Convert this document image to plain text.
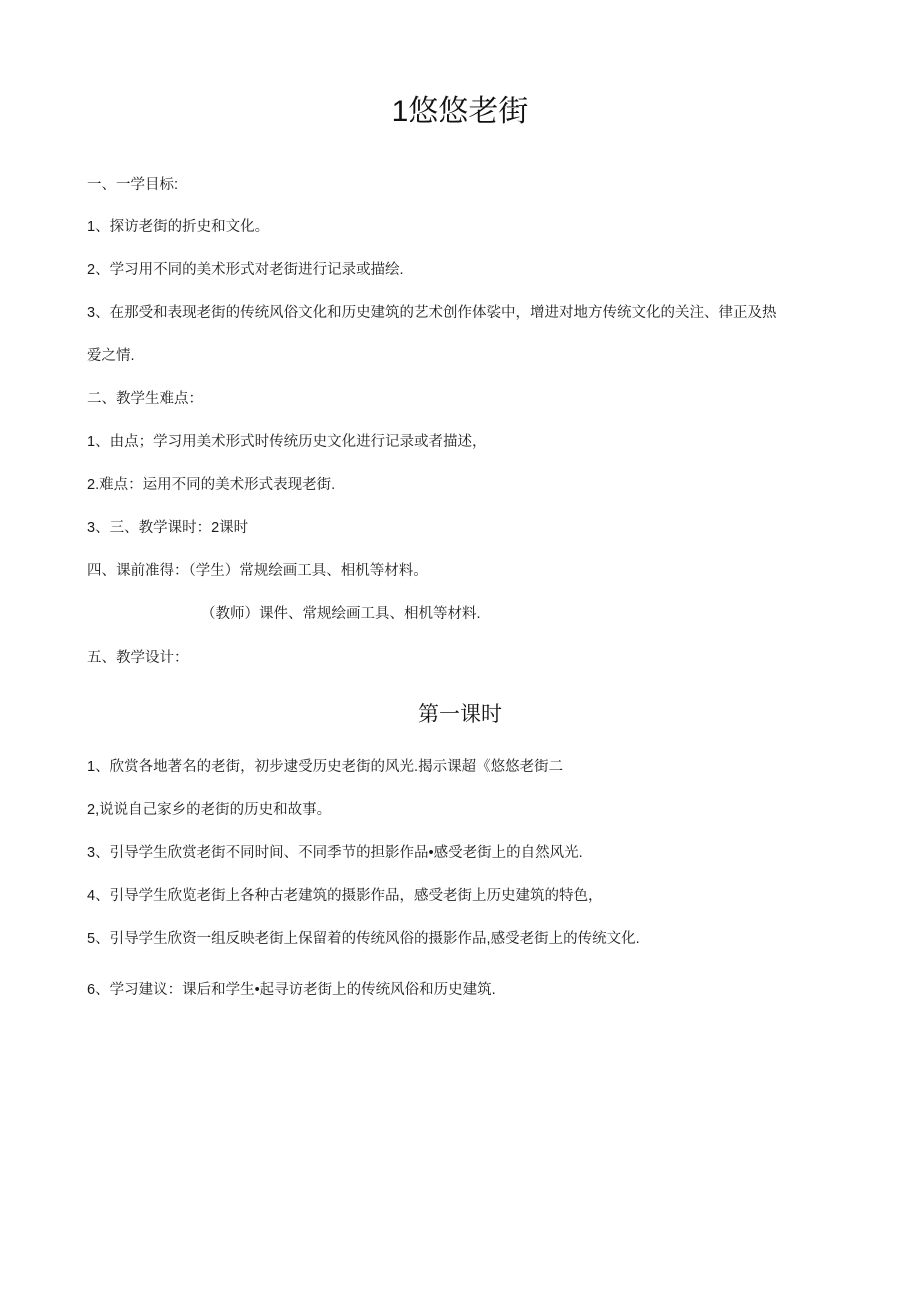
1悠悠老街
一、一学目标:
1、探访老街的折史和文化。
2、学习用不同的美术形式对老街进行记录或描绘.
3、在那受和表现老街的传统风俗文化和历史建筑的艺术创作体裟中，增进对地方传统文化的关注、律正及热
爱之情.
二、教学生难点：
1、由点；学习用美术形式时传统历史文化进行记录或者描述，
2.难点：运用不同的美术形式表现老街.
3、三、教学课时：2课时
四、课前准得：（学生）常规绘画工具、相机等材料。
（教师）课件、常规绘画工具、相机等材料.
五、教学设计：
第一课时
1、欣赏各地著名的老街，初步逮受历史老街的风光.揭示课超《悠悠老街二
2,说说自己家乡的老街的历史和故事。
3、引导学生欣赏老街不同时间、不同季节的担影作品•感受老街上的自然风光.
4、引导学生欣览老街上各种古老建筑的摄影作品，感受老街上历史建筑的特色，
5、引导学生欣资一组反映老街上保留着的传统风俗的摄影作品,感受老街上的传统文化.
6、学习建议：课后和学生•起寻访老街上的传统风俗和历史建筑.
